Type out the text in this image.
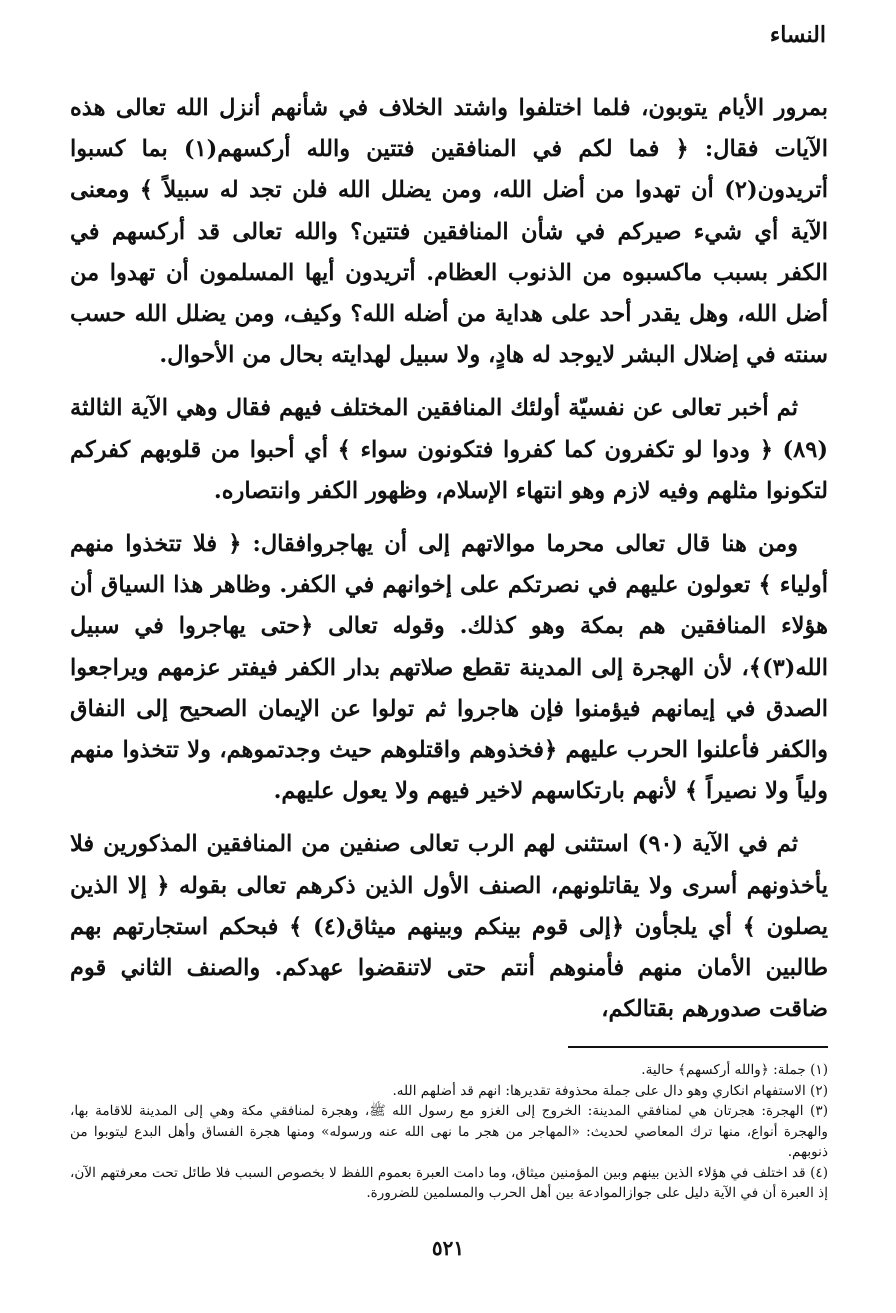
النساء

بمرور الأيام يتوبون، فلما اختلفوا واشتد الخلاف في شأنهم أنزل الله تعالى هذه الآيات فقال: ﴿ فما لكم في المنافقين فتتين والله أركسهم(١) بما كسبوا أتريدون(٢) أن تهدوا من أضل الله، ومن يضلل الله فلن تجد له سبيلاً ﴾ ومعنى الآية أي شيء صيركم في شأن المنافقين فتتين؟ والله تعالى قد أركسهم في الكفر بسبب ماكسبوه من الذنوب العظام. أتريدون أيها المسلمون أن تهدوا من أضل الله، وهل يقدر أحد على هداية من أضله الله؟ وكيف، ومن يضلل الله حسب سنته في إضلال البشر لايوجد له هادٍ، ولا سبيل لهدايته بحال من الأحوال.

ثم أخبر تعالى عن نفسيّة أولئك المنافقين المختلف فيهم فقال وهي الآية الثالثة (٨٩) ﴿ ودوا لو تكفرون كما كفروا فتكونون سواء ﴾ أي أحبوا من قلوبهم كفركم لتكونوا مثلهم وفيه لازم وهو انتهاء الإسلام، وظهور الكفر وانتصاره.

ومن هنا قال تعالى محرما موالاتهم إلى أن يهاجروافقال: ﴿ فلا تتخذوا منهم أولياء ﴾ تعولون عليهم في نصرتكم على إخوانهم في الكفر. وظاهر هذا السياق أن هؤلاء المنافقين هم بمكة وهو كذلك. وقوله تعالى ﴿حتى يهاجروا في سبيل الله(٣)﴾، لأن الهجرة إلى المدينة تقطع صلاتهم بدار الكفر فيفتر عزمهم ويراجعوا الصدق في إيمانهم فيؤمنوا فإن هاجروا ثم تولوا عن الإيمان الصحيح إلى النفاق والكفر فأعلنوا الحرب عليهم ﴿فخذوهم واقتلوهم حيث وجدتموهم، ولا تتخذوا منهم ولياً ولا نصيراً ﴾ لأنهم بارتكاسهم لاخير فيهم ولا يعول عليهم.

ثم في الآية (٩٠) استثنى لهم الرب تعالى صنفين من المنافقين المذكورين فلا يأخذونهم أسرى ولا يقاتلونهم، الصنف الأول الذين ذكرهم تعالى بقوله ﴿ إلا الذين يصلون ﴾ أي يلجأون ﴿إلى قوم بينكم وبينهم ميثاق(٤) ﴾ فبحكم استجارتهم بهم طالبين الأمان منهم فأمنوهم أنتم حتى لاتنقضوا عهدكم. والصنف الثاني قوم ضاقت صدورهم بقتالكم،

(١) جملة: ﴿والله أركسهم﴾ حالية.
(٢) الاستفهام انكاري وهو دال على جملة محذوفة تقديرها: انهم قد أضلهم الله.
(٣) الهجرة: هجرتان هي لمنافقي المدينة: الخروج إلى الغزو مع رسول الله ﷺ، وهجرة لمنافقي مكة وهي إلى المدينة للاقامة بها، والهجرة أنواع، منها ترك المعاصي لحديث: «المهاجر من هجر ما نهى الله عنه ورسوله» ومنها هجرة الفساق وأهل البدع ليتوبوا من ذنوبهم.
(٤) قد اختلف في هؤلاء الذين بينهم وبين المؤمنين ميثاق، وما دامت العبرة بعموم اللفظ لا بخصوص السبب فلا طائل تحت معرفتهم الآن، إذ العبرة أن في الآية دليل على جوازالموادعة بين أهل الحرب والمسلمين للضرورة.
٥٢١
